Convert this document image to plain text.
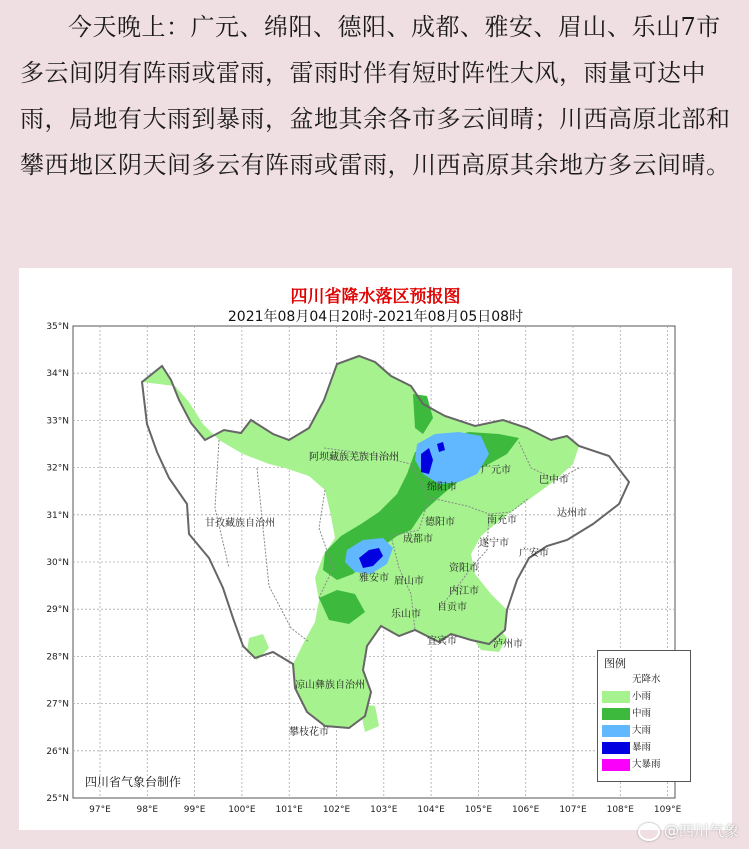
今天晚上：广元、绵阳、德阳、成都、雅安、眉山、乐山7市多云间阴有阵雨或雷雨，雷雨时伴有短时阵性大风，雨量可达中雨，局地有大雨到暴雨，盆地其余各市多云间晴；川西高原北部和攀西地区阴天间多云有阵雨或雷雨，川西高原其余地方多云间晴。
35°N
34°N
33°N
32°N
31°N
30°N
29°N
28°N
27°N
26°N
25°N
97°E	98°E	99°E	100°E 101°E 102°E 103°E 104°E 105°E 106°E 107°E 108°E 109°E
四川省降水落区预报图
2021年08月04日20时-2021年08月05日08时
阿坝藏族羌族自治州
甘孜藏族自治州
凉山彝族自治州
攀枝花市
广元市
巴中市
绵阳市
达州市
德阳市	南充市
成都市	遂宁市
广安市
资阳市
雅安市 眉山市
内江市
乐山市
自贡市
宜宾市	泸州市
四川省气象台制作
图例
无降水
小雨
中雨
大雨
暴雨
大暴雨
@四川气象
